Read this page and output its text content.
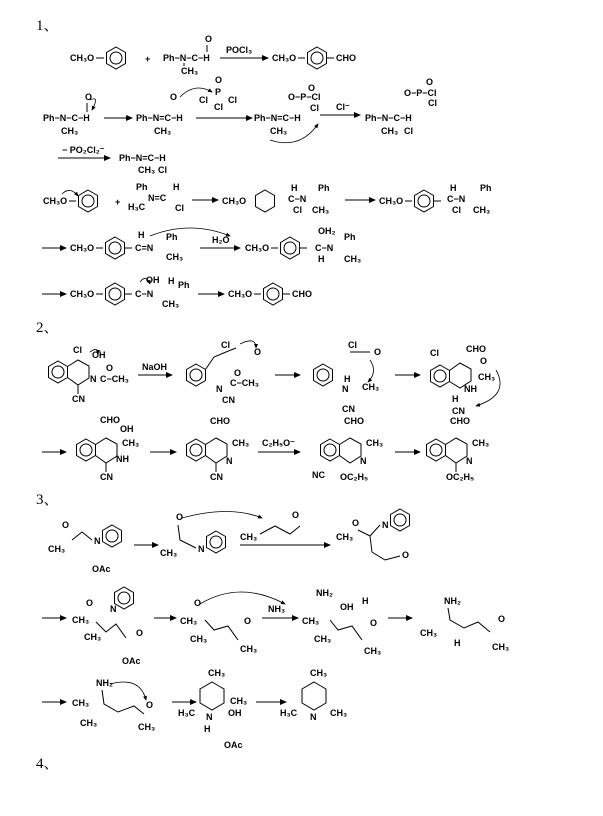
1、
2、
3、
4、
CH₃O	+ Ph−N−C−H
O
CH₃
POCl₃
CH₃O	CHO
Ph−N−C−H
O
CH₃
Ph−N=C−H
O
CH₃
P
O
Cl Cl
Cl
Ph−N=C−H
CH₃
O−P−Cl
O
Cl Cl⁻
Ph−N−C−H
CH₃ Cl
O−P−Cl
O
Cl
− PO₂Cl₂⁻
Ph−N=C−H
CH₃ Cl
CH₃O	+
Ph
N=C
H
H₃C	Cl
CH₃O
H
C−N
Ph
Cl CH₃
CH₃O
H
C−N
Ph
Cl CH₃
CH₃O
H
C=N
Ph
CH₃
H₂O
CH₃O
OH₂
C−N
Ph
CH₃
H
CH₃O
OH
C−N
H Ph
CH₃
CH₃O	CHO
Cl OH
N C−CH₃
O
CN
NaOH
Cl
O
N
C−CH₃
O
CN
Cl
O
N
H
CH₃
CN
Cl	CHO
O
CH₃
NH
H
CN
CHO
OH
CH₃
NH
CN
CHO
CH₃
N
CN
C₂H₅O⁻
CHO
CH₃
N
NC OC₂H₅
CHO
CH₃
N
OC₂H₅
O
CH₃
N
OAc
O
CH₃ N
CH₃
O
O
CH₃
N
O
O
CH₃
CH₃
N
O
OAc
O
CH₃
CH₃
O
CH₃
NH₃
NH₂
OH
H
CH₃
CH₃
O
CH₃
NH₂
CH₃
H
O
CH₃
NH₂
CH₃
CH₃
O
CH₃
CH₃
H₃C N
H
OH
CH₃
OAc
CH₃
H₃C N CH₃
